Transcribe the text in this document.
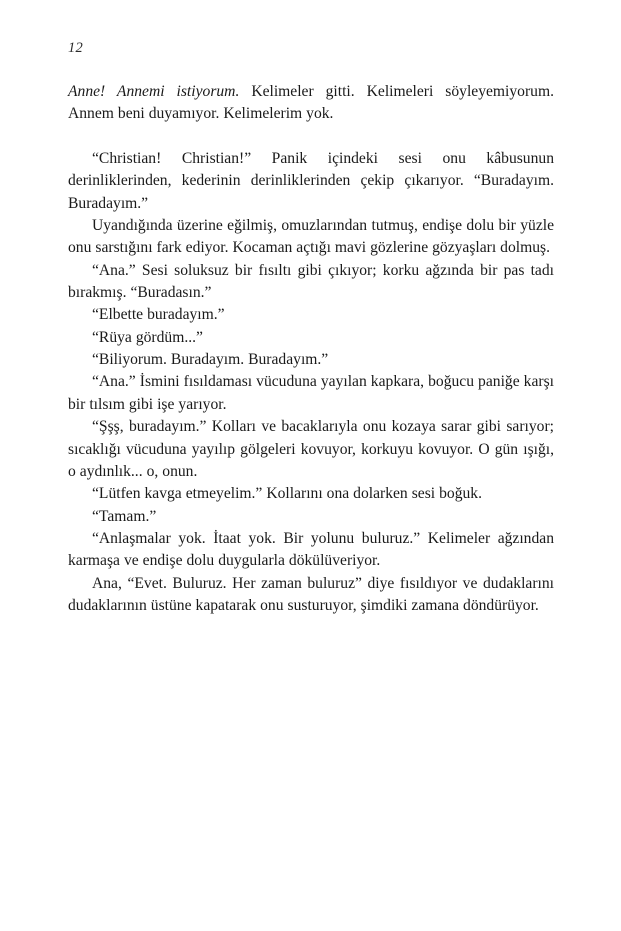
12

Anne! Annemi istiyorum. Kelimeler gitti. Kelimeleri söyleyemiyorum. Annem beni duyamıyor. Kelimelerim yok.

“Christian! Christian!” Panik içindeki sesi onu kâbusunun derinliklerinden, kederinin derinliklerinden çekip çıkarıyor. “Buradayım. Buradayım.”

Uyandığında üzerine eğilmiş, omuzlarından tutmuş, endişe dolu bir yüzle onu sarstığını fark ediyor. Kocaman açtığı mavi gözlerine gözyaşları dolmuş.

“Ana.” Sesi soluksuz bir fısıltı gibi çıkıyor; korku ağzında bir pas tadı bırakmış. “Buradasın.”

“Elbette buradayım.”

“Rüya gördüm...”

“Biliyorum. Buradayım. Buradayım.”

“Ana.” İsmini fısıldaması vücuduna yayılan kapkara, boğucu paniğe karşı bir tılsım gibi işe yarıyor.

“Şşş, buradayım.” Kolları ve bacaklarıyla onu kozaya sarar gibi sarıyor; sıcaklığı vücuduna yayılıp gölgeleri kovuyor, korkuyu kovuyor. O gün ışığı, o aydınlık... o, onun.

“Lütfen kavga etmeyelim.” Kollarını ona dolarken sesi boğuk.

“Tamam.”

“Anlaşmalar yok. İtaat yok. Bir yolunu buluruz.” Kelimeler ağzından karmaşa ve endişe dolu duygularla dökülüveriyor.

Ana, “Evet. Buluruz. Her zaman buluruz” diye fısıldıyor ve dudaklarını dudaklarının üstüne kapatarak onu susturuyor, şimdiki zamana döndürüyor.
